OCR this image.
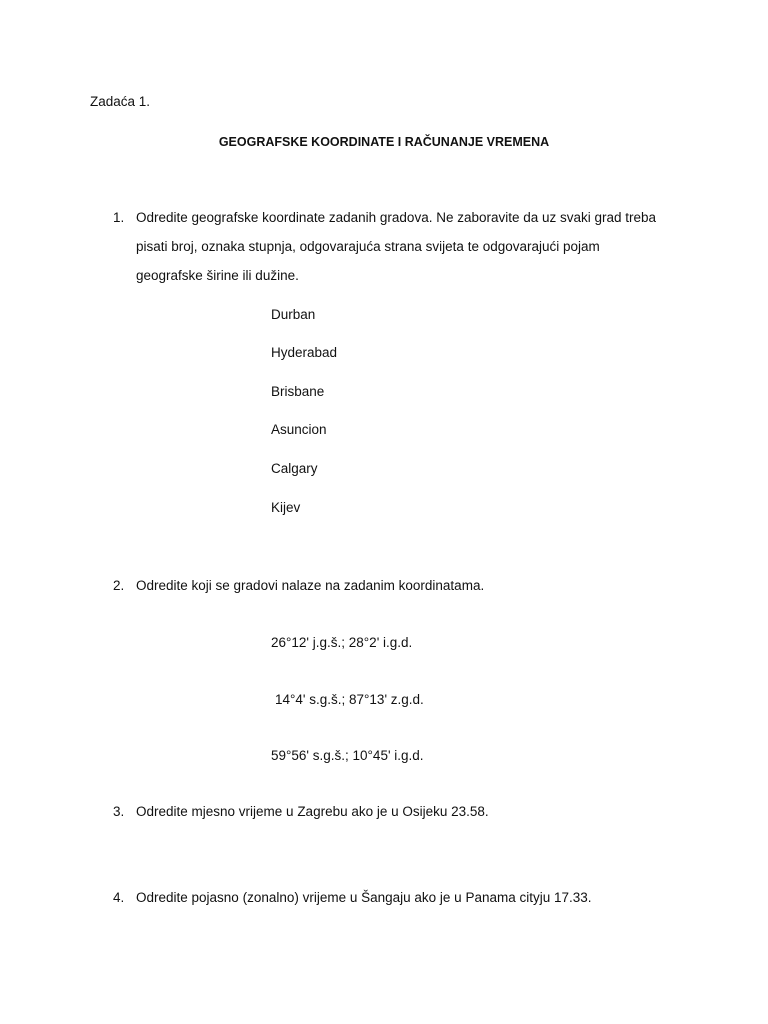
Zadaća 1.

GEOGRAFSKE KOORDINATE I RAČUNANJE VREMENA

1. Odredite geografske koordinate zadanih gradova. Ne zaboravite da uz svaki grad treba
pisati broj, oznaka stupnja, odgovarajuća strana svijeta te odgovarajući pojam
geografske širine ili dužine.
Durban
Hyderabad
Brisbane
Asuncion
Calgary
Kijev
2. Odredite koji se gradovi nalaze na zadanim koordinatama.
26°12' j.g.š.; 28°2' i.g.d.
14°4' s.g.š.; 87°13' z.g.d.
59°56' s.g.š.; 10°45' i.g.d.
3. Odredite mjesno vrijeme u Zagrebu ako je u Osijeku 23.58.
4. Odredite pojasno (zonalno) vrijeme u Šangaju ako je u Panama cityju 17.33.
